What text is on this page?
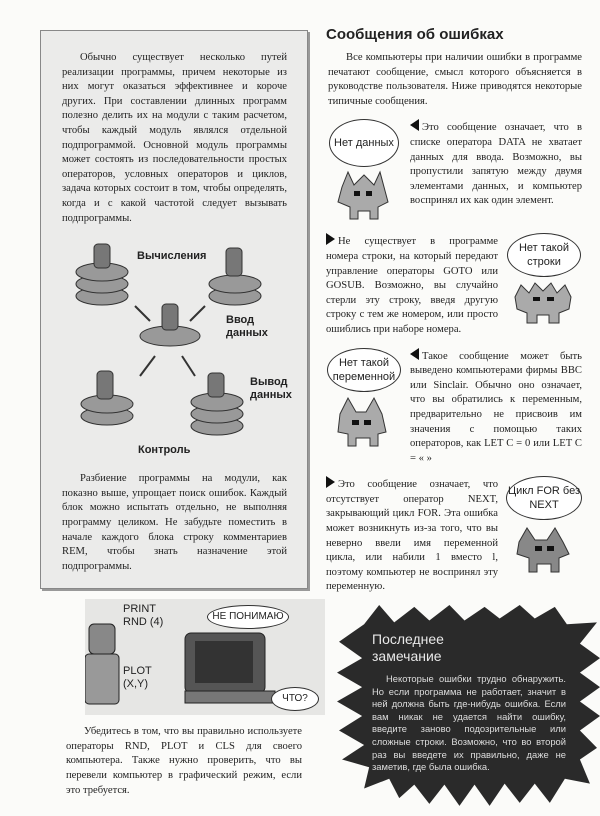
Обычно существует несколько путей реализации программы, причем некоторые из них могут оказаться эффективнее и короче других. При составлении длинных программ полезно делить их на модули с таким расчетом, чтобы каждый модуль являлся отдельной подпрограммой. Основной модуль программы может состоять из последовательности простых операторов, условных операторов и циклов, задача которых состоит в том, чтобы определять, когда и с какой частотой следует вызывать подпрограммы.

Вычисления
Ввод данных
Вывод данных
Контроль

Разбиение программы на модули, как показно выше, упрощает поиск ошибок. Каждый блок можно испытать отдельно, не выполняя программу целиком. Не забудьте поместить в начале каждого блока строку комментариев REM, чтобы знать назначение этой подпрограммы.

PRINT RND (4)	НЕ ПОНИМАЮ
PLOT (X,Y)
ЧТО?

Убедитесь в том, что вы правильно используете операторы RND, PLOT и CLS для своего компьютера. Также нужно проверить, что вы перевели компьютер в графический режим, если это требуется.

Сообщения об ошибках

Все компьютеры при наличии ошибки в программе печатают сообщение, смысл которого объясняется в руководстве пользователя. Ниже приводятся некоторые типичные сообщения.

Нет данных

Это сообщение означает, что в списке оператора DATA не хватает данных для ввода. Возможно, вы пропустили запятую между двумя элементами данных, и компьютер воспринял их как один элемент.

Не существует в программе номера строки, на который передают управление операторы GOTO или GOSUB. Возможно, вы случайно стерли эту строку, введя другую строку с тем же номером, или просто ошиблись при наборе номера.

Нет такой строки
Нет такой переменной

Такое сообщение может быть выведено компьютерами фирмы BBC или Sinclair. Обычно оно означает, что вы обратились к переменным, предварительно не присвоив им значения с помощью таких операторов, как LET C = 0 или LET C = « »

Это сообщение означает, что отсутствует оператор NEXT, закрывающий цикл FOR. Эта ошибка может возникнуть из-за того, что вы неверно ввели имя переменной цикла, или набили 1 вместо l, поэтому компьютер не воспринял эту переменную.

Цикл FOR без NEXT
Последнее замечание

Некоторые ошибки трудно обнаружить. Но если программа не работает, значит в ней должна быть где-нибудь ошибка. Если вам никак не удается найти ошибку, введите заново подозрительные или сложные строки. Возможно, что во второй раз вы введете их правильно, даже не заметив, где была ошибка.
